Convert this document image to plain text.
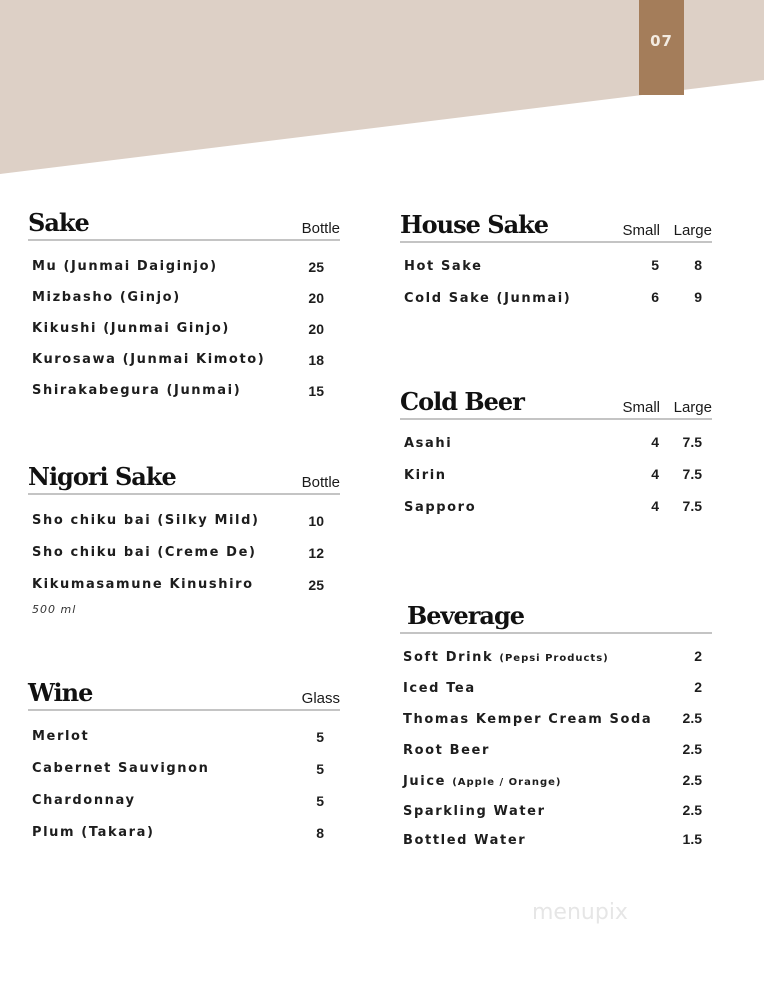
07
Sake	Bottle
Mu (Junmai Daiginjo)	25
Mizbasho (Ginjo)	20
Kikushi (Junmai Ginjo)	20
Kurosawa (Junmai Kimoto)	18
Shirakabegura (Junmai)	15
Nigori Sake	Bottle
Sho chiku bai (Silky Mild)	10
Sho chiku bai (Creme De)	12
Kikumasamune Kinushiro	25
500 ml
Wine	Glass
Merlot	5
Cabernet Sauvignon	5
Chardonnay	5
Plum (Takara)	8
House Sake	Small Large
Hot Sake	5	8
Cold Sake (Junmai)	6	9
Cold Beer	Small Large
Asahi	4	7.5
Kirin	4	7.5
Sapporo	4	7.5
Beverage
Soft Drink (Pepsi Products)	2
Iced Tea	2
Thomas Kemper Cream Soda	2.5
Root Beer	2.5
Juice (Apple / Orange)	2.5
Sparkling Water	2.5
Bottled Water	1.5
menupix
